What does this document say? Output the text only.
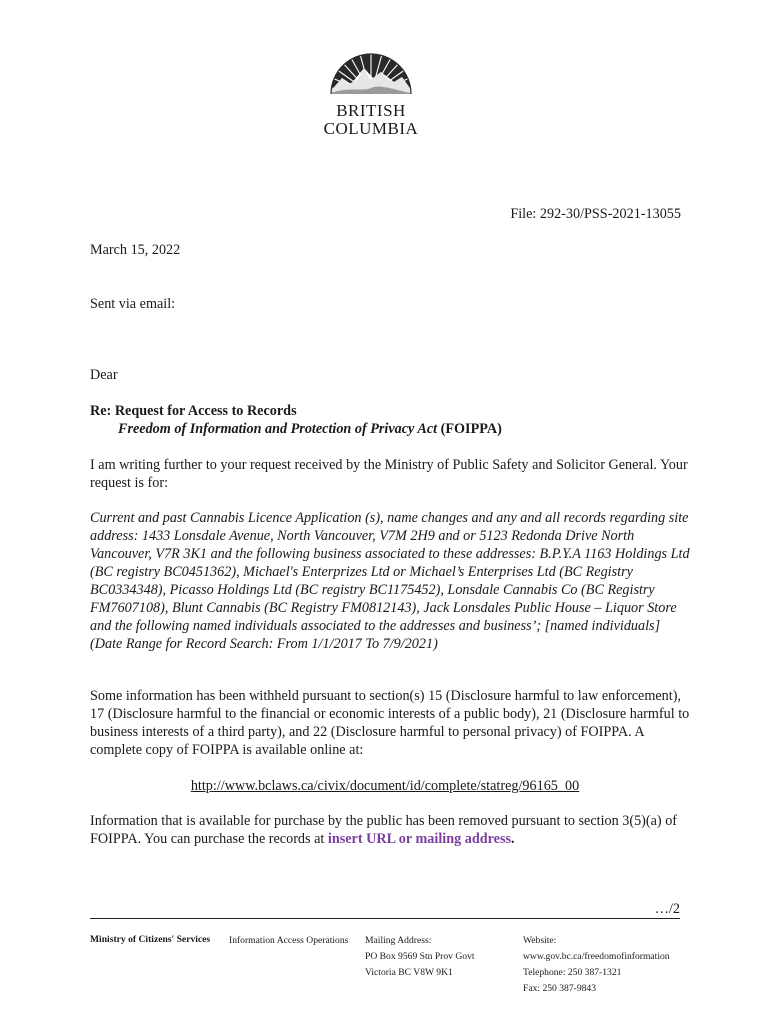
BRITISH
COLUMBIA
File: 292-30/PSS-2021-13055
March 15, 2022
Sent via email:
Dear
Re: Request for Access to Records
Freedom of Information and Protection of Privacy Act (FOIPPA)
I am writing further to your request received by the Ministry of Public Safety and Solicitor General. Your request is for:
Current and past Cannabis Licence Application (s), name changes and any and all records regarding site address: 1433 Lonsdale Avenue, North Vancouver, V7M 2H9 and or 5123 Redonda Drive North Vancouver, V7R 3K1 and the following business associated to these addresses: B.P.Y.A 1163 Holdings Ltd (BC registry BC0451362), Michael's Enterprizes Ltd or Michael’s Enterprises Ltd (BC Registry BC0334348), Picasso Holdings Ltd (BC registry BC1175452), Lonsdale Cannabis Co (BC Registry FM7607108), Blunt Cannabis (BC Registry FM0812143), Jack Lonsdales Public House – Liquor Store and the following named individuals associated to the addresses and business’; [named individuals] (Date Range for Record Search: From 1/1/2017 To 7/9/2021)
Some information has been withheld pursuant to section(s) 15 (Disclosure harmful to law enforcement), 17 (Disclosure harmful to the financial or economic interests of a public body), 21 (Disclosure harmful to business interests of a third party), and 22 (Disclosure harmful to personal privacy) of FOIPPA. A complete copy of FOIPPA is available online at:
http://www.bclaws.ca/civix/document/id/complete/statreg/96165_00
Information that is available for purchase by the public has been removed pursuant to section 3(5)(a) of FOIPPA. You can purchase the records at insert URL or mailing address.
…/2
Ministry of Citizens' Services Information Access Operations Mailing Address:
PO Box 9569 Stn Prov Govt
Victoria BC V8W 9K1
Website:
www.gov.bc.ca/freedomofinformation
Telephone: 250 387-1321
Fax: 250 387-9843
